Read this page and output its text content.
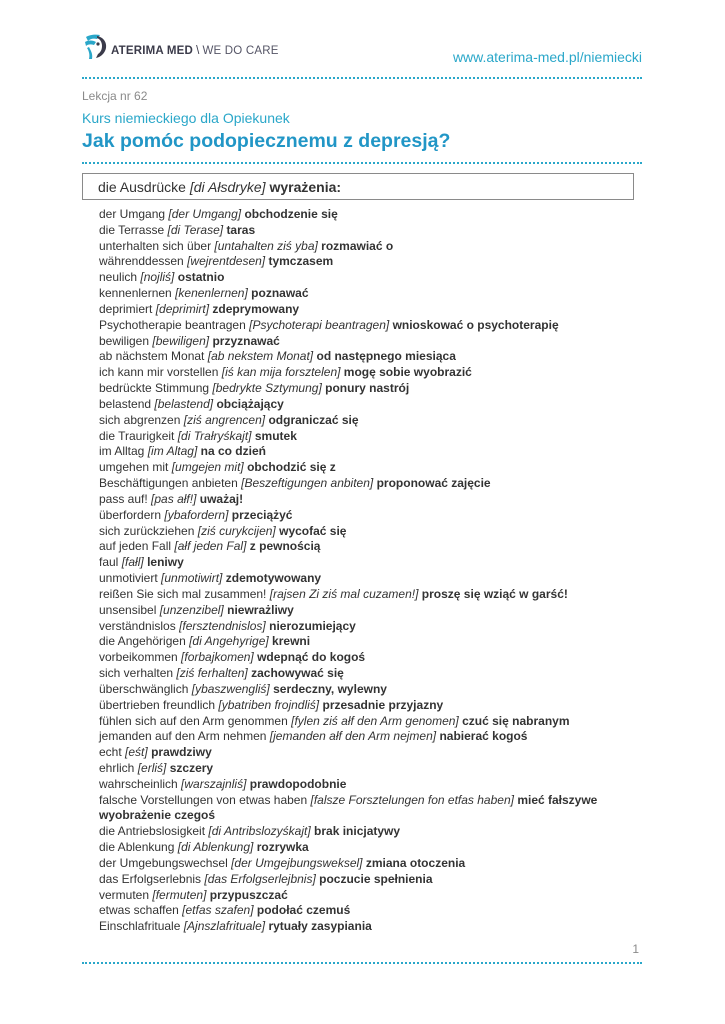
ATERIMA MED \ WE DO CARE	www.aterima-med.pl/niemiecki
Lekcja nr 62
Kurs niemieckiego dla Opiekunek
Jak pomóc podopiecznemu z depresją?
die Ausdrücke [di Ałsdryke] wyrażenia:
der Umgang [der Umgang] obchodzenie się
die Terrasse [di Terase] taras
unterhalten sich über [untahalten ziś yba] rozmawiać o
währenddessen [wejrentdesen] tymczasem
neulich [nojliś] ostatnio
kennenlernen [kenenlernen] poznawać
deprimiert [deprimirt] zdeprymowany
Psychotherapie beantragen [Psychoterapi beantragen] wnioskować o psychoterapię
bewiligen [bewiligen] przyznawać
ab nächstem Monat [ab nekstem Monat] od następnego miesiąca
ich kann mir vorstellen [iś kan mija forsztelen] mogę sobie wyobrazić
bedrückte Stimmung [bedrykte Sztymung] ponury nastrój
belastend [belastend] obciążający
sich abgrenzen [ziś angrencen] odgraniczać się
die Traurigkeit [di Trałryśkajt] smutek
im Alltag [im Altag] na co dzień
umgehen mit [umgejen mit] obchodzić się z
Beschäftigungen anbieten [Beszeftigungen anbiten] proponować zajęcie
pass auf! [pas ałf!] uważaj!
überfordern [ybafordern] przeciążyć
sich zurückziehen [ziś curykcijen] wycofać się
auf jeden Fall [ałf jeden Fal] z pewnością
faul [fałl] leniwy
unmotiviert [unmotiwirt] zdemotywowany
reißen Sie sich mal zusammen! [rajsen Zi ziś mal cuzamen!] proszę się wziąć w garść!
unsensibel [unzenzibel] niewrażliwy
verständnislos [fersztendnislos] nierozumiejący
die Angehörigen [di Angehyrige] krewni
vorbeikommen [forbajkomen] wdepnąć do kogoś
sich verhalten [ziś ferhalten] zachowywać się
überschwänglich [ybaszwengliś] serdeczny, wylewny
übertrieben freundlich [ybatriben frojndliś] przesadnie przyjazny
fühlen sich auf den Arm genommen [fylen ziś ałf den Arm genomen] czuć się nabranym
jemanden auf den Arm nehmen [jemanden ałf den Arm nejmen] nabierać kogoś
echt [eśt] prawdziwy
ehrlich [erliś] szczery
wahrscheinlich [warszajnliś] prawdopodobnie
falsche Vorstellungen von etwas haben [falsze Forsztelungen fon etfas haben] mieć fałszywe wyobrażenie czegoś
die Antriebslosigkeit [di Antribslozyśkajt] brak inicjatywy
die Ablenkung [di Ablenkung] rozrywka
der Umgebungswechsel [der Umgejbungsweksel] zmiana otoczenia
das Erfolgserlebnis [das Erfolgserlejbnis] poczucie spełnienia
vermuten [fermuten] przypuszczać
etwas schaffen [etfas szafen] podołać czemuś
Einschlafrituale [Ajnszlafrituale] rytuały zasypiania
1
